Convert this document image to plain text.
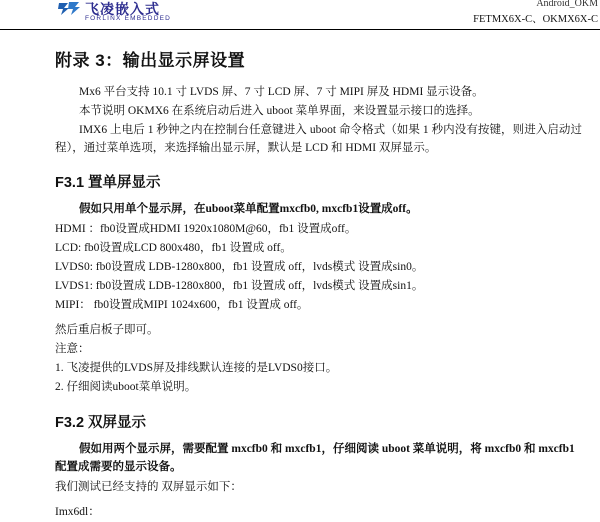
飞凌嵌入式
FORLINX EMBEDDED
Android_OKM
FETMX6X-C、OKMX6X-C
附录 3：输出显示屏设置

Mx6 平台支持 10.1 寸 LVDS 屏、7 寸 LCD 屏、7 寸 MIPI 屏及 HDMI 显示设备。

本节说明 OKMX6 在系统启动后进入 uboot 菜单界面，来设置显示接口的选择。

IMX6 上电后 1 秒钟之内在控制台任意键进入 uboot 命令格式（如果 1 秒内没有按键，则进入启动过程），通过菜单选项，来选择输出显示屏，默认是 LCD 和 HDMI 双屏显示。

F3.1 置单屏显示

假如只用单个显示屏，在uboot菜单配置mxcfb0, mxcfb1设置成off。

HDMI ：fb0设置成HDMI 1920x1080M@60，fb1 设置成off。

LCD: fb0设置成LCD 800x480，fb1 设置成 off。

LVDS0: fb0设置成 LDB-1280x800，fb1 设置成 off，lvds模式 设置成sin0。

LVDS1: fb0设置成 LDB-1280x800，fb1 设置成 off，lvds模式 设置成sin1。

MIPI： fb0设置成MIPI 1024x600，fb1 设置成 off。

然后重启板子即可。

注意：

1. 飞凌提供的LVDS屏及排线默认连接的是LVDS0接口。

2. 仔细阅读uboot菜单说明。

F3.2 双屏显示

假如用两个显示屏，需要配置 mxcfb0 和 mxcfb1，仔细阅读 uboot 菜单说明，将 mxcfb0 和 mxcfb1 配置成需要的显示设备。

我们测试已经支持的 双屏显示如下：

Imx6dl：
